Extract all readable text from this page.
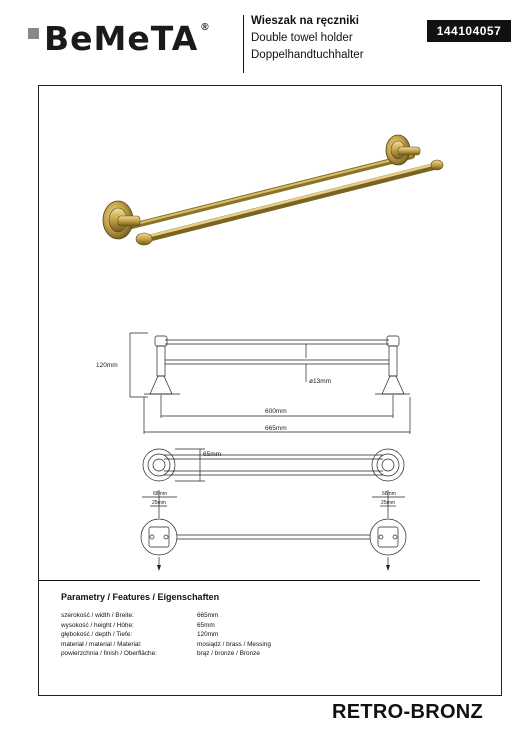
BeMeTA ®	Wieszak na ręczniki
Double towel holder
Doppelhandtuchhalter
144104057
120mm
ø13mm
600mm
665mm
65mm
68mm
25mm
68mm
25mm
Parametry / Features / Eigenschaften
szerokość / width / Breite:	665mm
wysokość / height / Höhe:	65mm
głębokość / depth / Tiefe:	120mm
materiał / material / Material:	mosiądz / brass / Messing
powierzchnia / finish / Oberfläche:	brąz / bronze / Bronze
RETRO-BRONZ
